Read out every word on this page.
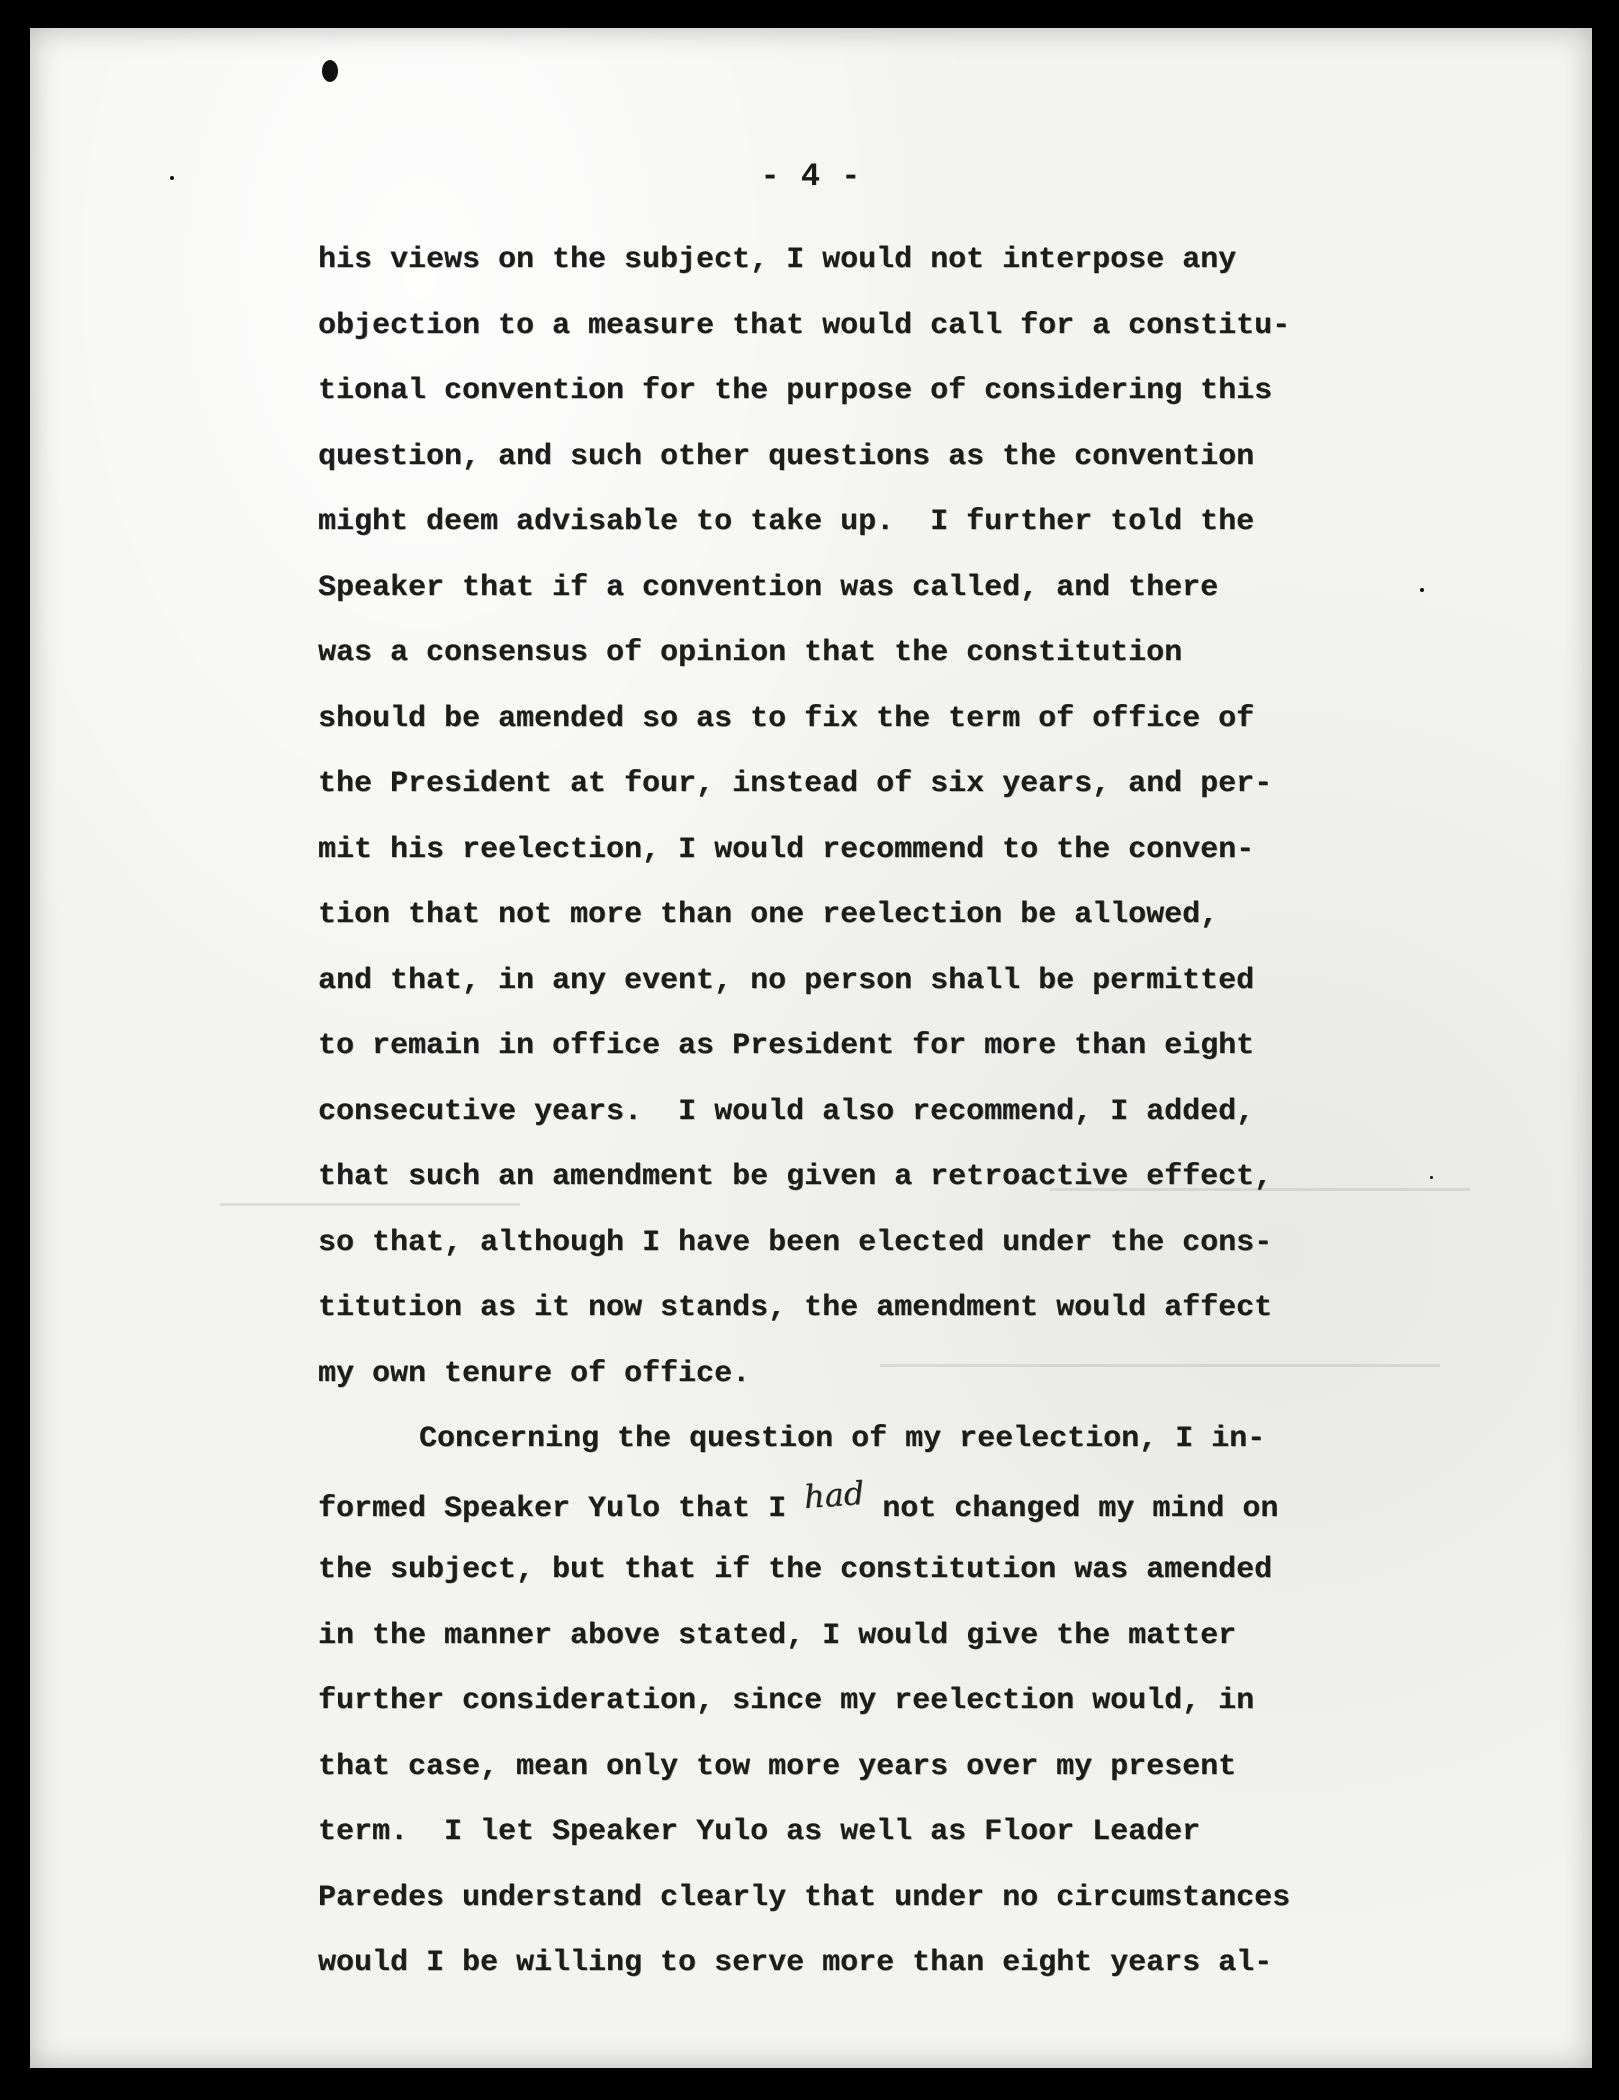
- 4 -
his views on the subject, I would not interpose any
objection to a measure that would call for a constitu-
tional convention for the purpose of considering this
question, and such other questions as the convention
might deem advisable to take up.  I further told the
Speaker that if a convention was called, and there
was a consensus of opinion that the constitution
should be amended so as to fix the term of office of
the President at four, instead of six years, and per-
mit his reelection, I would recommend to the conven-
tion that not more than one reelection be allowed,
and that, in any event, no person shall be permitted
to remain in office as President for more than eight
consecutive years.  I would also recommend, I added,
that such an amendment be given a retroactive effect,
so that, although I have been elected under the cons-
titution as it now stands, the amendment would affect
my own tenure of office.
Concerning the question of my reelection, I in-
formed Speaker Yulo that I had not changed my mind on
the subject, but that if the constitution was amended
in the manner above stated, I would give the matter
further consideration, since my reelection would, in
that case, mean only tow more years over my present
term.  I let Speaker Yulo as well as Floor Leader
Paredes understand clearly that under no circumstances
would I be willing to serve more than eight years al-
